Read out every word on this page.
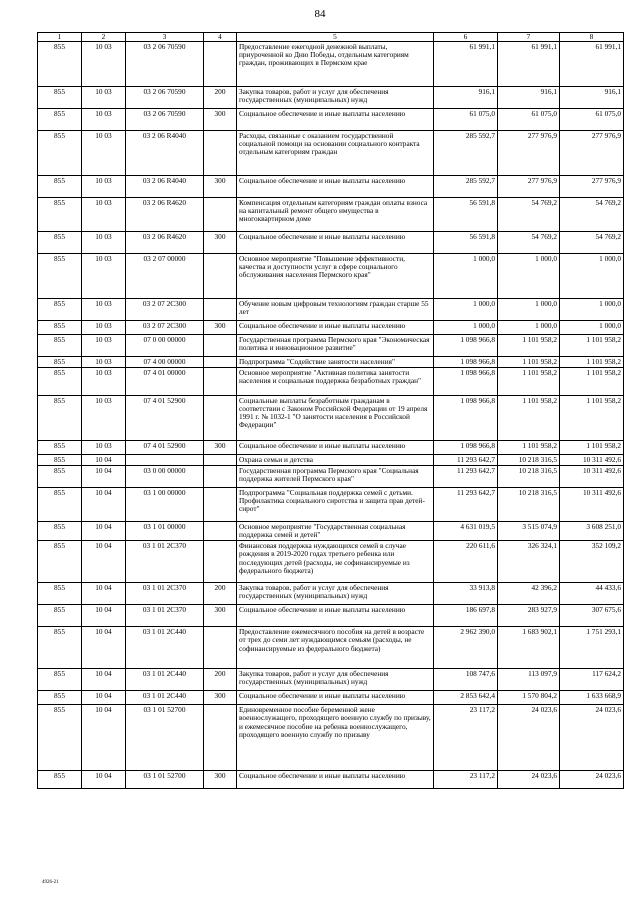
84
1	2	3	4	5	6	7	8
855	10 03	03 2 06 70590		Предоставление ежегодной денежной выплаты, приуроченной ко Дню Победы, отдельным категориям граждан, проживающих в Пермском крае	61 991,1	61 991,1	61 991,1
855	10 03	03 2 06 70590	200	Закупка товаров, работ и услуг для обеспечения государственных (муниципальных) нужд	916,1	916,1	916,1
855	10 03	03 2 06 70590	300	Социальное обеспечение и иные выплаты населению	61 075,0	61 075,0	61 075,0
855	10 03	03 2 06 R4040		Расходы, связанные с оказанием государственной социальной помощи на основании социального контракта отдельным категориям граждан	285 592,7	277 976,9	277 976,9
855	10 03	03 2 06 R4040	300	Социальное обеспечение и иные выплаты населению	285 592,7	277 976,9	277 976,9
855	10 03	03 2 06 R4620		Компенсация отдельным категориям граждан оплаты взноса на капитальный ремонт общего имущества в многоквартирном доме	56 591,8	54 769,2	54 769,2
855	10 03	03 2 06 R4620	300	Социальное обеспечение и иные выплаты населению	56 591,8	54 769,2	54 769,2
855	10 03	03 2 07 00000		Основное мероприятие "Повышение эффективности, качества и доступности услуг в сфере социального обслуживания населения Пермского края"	1 000,0	1 000,0	1 000,0
855	10 03	03 2 07 2С300		Обучение новым цифровым технологиям граждан старше 55 лет	1 000,0	1 000,0	1 000,0
855	10 03	03 2 07 2С300	300	Социальное обеспечение и иные выплаты населению	1 000,0	1 000,0	1 000,0
855	10 03	07 0 00 00000		Государственная программа Пермского края "Экономическая политика и инновационное развитие"	1 098 966,8	1 101 958,2	1 101 958,2
855	10 03	07 4 00 00000		Подпрограмма "Содействие занятости населения"	1 098 966,8	1 101 958,2	1 101 958,2
855	10 03	07 4 01 00000		Основное мероприятие "Активная политика занятости населения и социальная поддержка безработных граждан"	1 098 966,8	1 101 958,2	1 101 958,2
855	10 03	07 4 01 52900		Социальные выплаты безработным гражданам в соответствии с Законом Российской Федерации от 19 апреля 1991 г. № 1032-1 "О занятости населения в Российской Федерации"	1 098 966,8	1 101 958,2	1 101 958,2
855	10 03	07 4 01 52900	300	Социальное обеспечение и иные выплаты населению	1 098 966,8	1 101 958,2	1 101 958,2
855	10 04			Охрана семьи и детства	11 293 642,7	10 218 316,5	10 311 492,6
855	10 04	03 0 00 00000		Государственная программа Пермского края "Социальная поддержка жителей Пермского края"	11 293 642,7	10 218 316,5	10 311 492,6
855	10 04	03 1 00 00000		Подпрограмма "Социальная поддержка семей с детьми. Профилактика социального сиротства и защита прав детей-сирот"	11 293 642,7	10 218 316,5	10 311 492,6
855	10 04	03 1 01 00000		Основное мероприятие "Государственная социальная поддержка семей и детей"	4 631 019,5	3 515 074,9	3 608 251,0
855	10 04	03 1 01 2С370		Финансовая поддержка нуждающихся семей в случае рождения в 2019-2020 годах третьего ребенка или последующих детей (расходы, не софинансируемые из федерального бюджета)	220 611,6	326 324,1	352 109,2
855	10 04	03 1 01 2С370	200	Закупка товаров, работ и услуг для обеспечения государственных (муниципальных) нужд	33 913,8	42 396,2	44 433,6
855	10 04	03 1 01 2С370	300	Социальное обеспечение и иные выплаты населению	186 697,8	283 927,9	307 675,6
855	10 04	03 1 01 2С440		Предоставление ежемесячного пособия на детей в возрасте от трех до семи лет нуждающимся семьям (расходы, не софинансируемые из федерального бюджета)	2 962 390,0	1 683 902,1	1 751 293,1
855	10 04	03 1 01 2С440	200	Закупка товаров, работ и услуг для обеспечения государственных (муниципальных) нужд	108 747,6	113 097,9	117 624,2
855	10 04	03 1 01 2С440	300	Социальное обеспечение и иные выплаты населению	2 853 642,4	1 570 804,2	1 633 668,9
855	10 04	03 1 01 52700		Единовременное пособие беременной жене военнослужащего, проходящего военную службу по призыву, и ежемесячное пособие на ребенка военнослужащего, проходящего военную службу по призыву	23 117,2	24 023,6	24 023,6
855	10 04	03 1 01 52700	300	Социальное обеспечение и иные выплаты населению	23 117,2	24 023,6	24 023,6
4926-21
